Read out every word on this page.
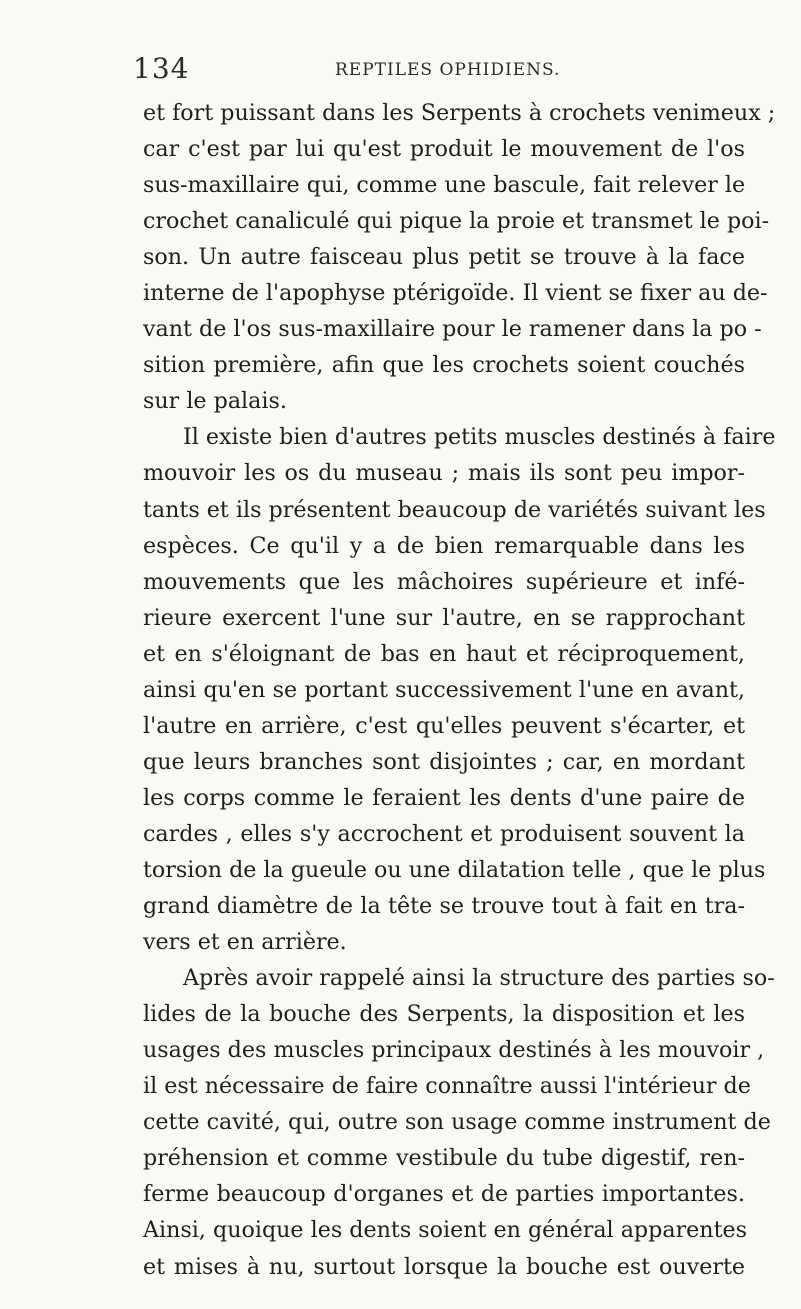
134	REPTILES OPHIDIENS.
et fort puissant dans les Serpents à crochets venimeux ;
car c'est par lui qu'est produit le mouvement de l'os
sus-maxillaire qui, comme une bascule, fait relever le
crochet canaliculé qui pique la proie et transmet le poi-
son. Un autre faisceau plus petit se trouve à la face
interne de l'apophyse ptérigoïde. Il vient se fixer au de-
vant de l'os sus-maxillaire pour le ramener dans la po -
sition première, afin que les crochets soient couchés
sur le palais.
Il existe bien d'autres petits muscles destinés à faire
mouvoir les os du museau ; mais ils sont peu impor-
tants et ils présentent beaucoup de variétés suivant les
espèces. Ce qu'il y a de bien remarquable dans les
mouvements que les mâchoires supérieure et infé-
rieure exercent l'une sur l'autre, en se rapprochant
et en s'éloignant de bas en haut et réciproquement,
ainsi qu'en se portant successivement l'une en avant,
l'autre en arrière, c'est qu'elles peuvent s'écarter, et
que leurs branches sont disjointes ; car, en mordant
les corps comme le feraient les dents d'une paire de
cardes , elles s'y accrochent et produisent souvent la
torsion de la gueule ou une dilatation telle , que le plus
grand diamètre de la tête se trouve tout à fait en tra-
vers et en arrière.
Après avoir rappelé ainsi la structure des parties so-
lides de la bouche des Serpents, la disposition et les
usages des muscles principaux destinés à les mouvoir ,
il est nécessaire de faire connaître aussi l'intérieur de
cette cavité, qui, outre son usage comme instrument de
préhension et comme vestibule du tube digestif, ren-
ferme beaucoup d'organes et de parties importantes.
Ainsi, quoique les dents soient en général apparentes
et mises à nu, surtout lorsque la bouche est ouverte
